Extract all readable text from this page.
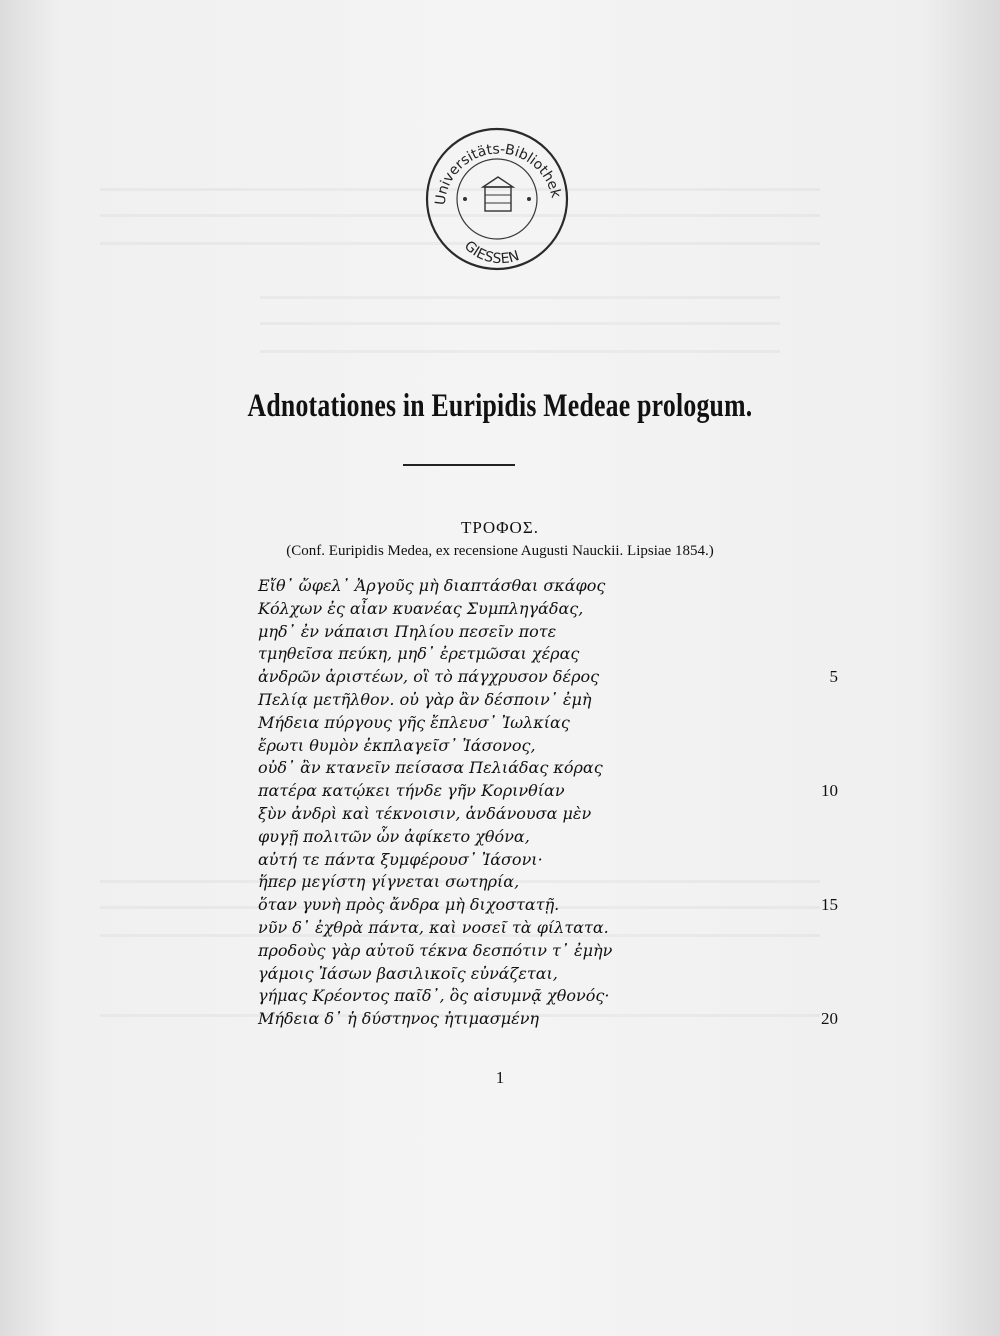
Universitäts-Bibliothek
GIESSEN
Adnotationes in Euripidis Medeae prologum.
ΤΡΟΦΟΣ.
(Conf. Euripidis Medea, ex recensione Augusti Nauckii. Lipsiae 1854.)
Εἴθ᾽ ὤφελ᾽ Ἀργοῦς μὴ διαπτάσθαι σκάφος
Κόλχων ἐς αἶαν κυανέας Συμπληγάδας,
μηδ᾽ ἐν νάπαισι Πηλίου πεσεῖν ποτε
τμηθεῖσα πεύκη, μηδ᾽ ἐρετμῶσαι χέρας
ἀνδρῶν ἀριστέων, οἳ τὸ πάγχρυσον δέρος	5
Πελίᾳ μετῆλθον. οὐ γὰρ ἂν δέσποιν᾽ ἐμὴ
Μήδεια πύργους γῆς ἔπλευσ᾽ Ἰωλκίας
ἔρωτι θυμὸν ἐκπλαγεῖσ᾽ Ἰάσονος,
οὐδ᾽ ἂν κτανεῖν πείσασα Πελιάδας κόρας
πατέρα κατῴκει τήνδε γῆν Κορινθίαν	10
ξὺν ἀνδρὶ καὶ τέκνοισιν, ἁνδάνουσα μὲν
φυγῇ πολιτῶν ὧν ἀφίκετο χθόνα,
αὐτή τε πάντα ξυμφέρουσ᾽ Ἰάσονι·
ἥπερ μεγίστη γίγνεται σωτηρία,
ὅταν γυνὴ πρὸς ἄνδρα μὴ διχοστατῇ.	15
νῦν δ᾽ ἐχθρὰ πάντα, καὶ νοσεῖ τὰ φίλτατα.
προδοὺς γὰρ αὑτοῦ τέκνα δεσπότιν τ᾽ ἐμὴν
γάμοις Ἰάσων βασιλικοῖς εὐνάζεται,
γήμας Κρέοντος παῖδ᾽, ὃς αἰσυμνᾷ χθονός·
Μήδεια δ᾽ ἡ δύστηνος ἠτιμασμένη	20
1
